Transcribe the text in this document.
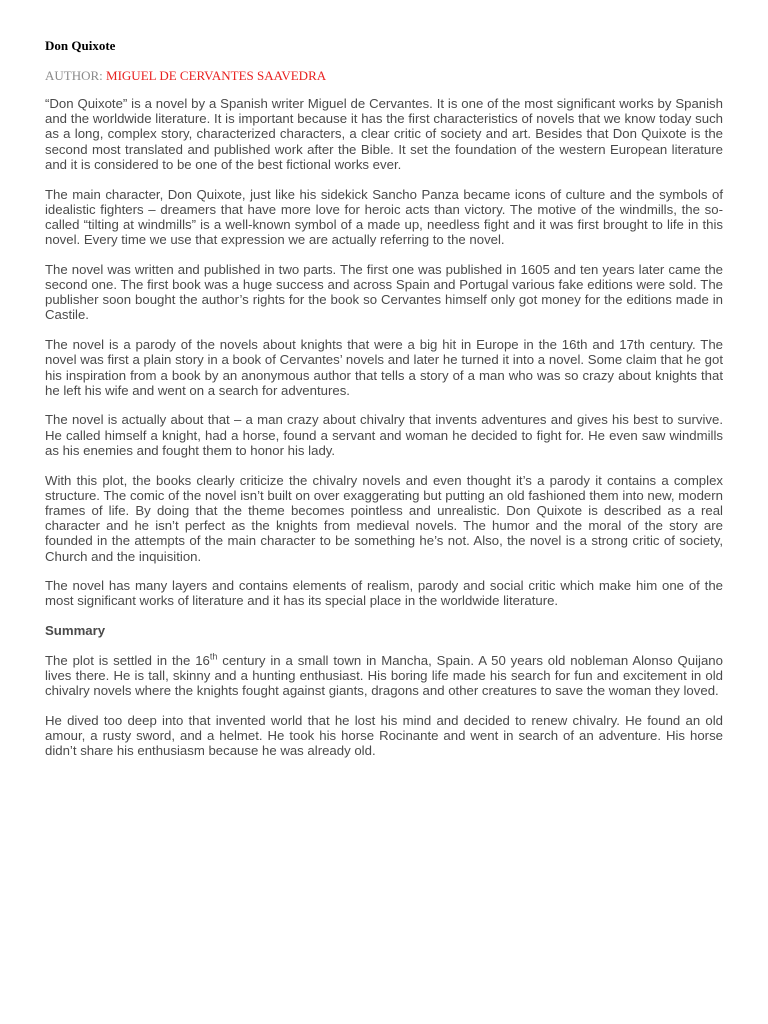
Don Quixote
AUTHOR: MIGUEL DE CERVANTES SAAVEDRA

“Don Quixote” is a novel by a Spanish writer Miguel de Cervantes. It is one of the most significant works by Spanish and the worldwide literature. It is important because it has the first characteristics of novels that we know today such as a long, complex story, characterized characters, a clear critic of society and art. Besides that Don Quixote is the second most translated and published work after the Bible. It set the foundation of the western European literature and it is considered to be one of the best fictional works ever.

The main character, Don Quixote, just like his sidekick Sancho Panza became icons of culture and the symbols of idealistic fighters – dreamers that have more love for heroic acts than victory. The motive of the windmills, the so-called “tilting at windmills” is a well-known symbol of a made up, needless fight and it was first brought to life in this novel. Every time we use that expression we are actually referring to the novel.

The novel was written and published in two parts. The first one was published in 1605 and ten years later came the second one. The first book was a huge success and across Spain and Portugal various fake editions were sold. The publisher soon bought the author’s rights for the book so Cervantes himself only got money for the editions made in Castile.

The novel is a parody of the novels about knights that were a big hit in Europe in the 16th and 17th century. The novel was first a plain story in a book of Cervantes’ novels and later he turned it into a novel. Some claim that he got his inspiration from a book by an anonymous author that tells a story of a man who was so crazy about knights that he left his wife and went on a search for adventures.

The novel is actually about that – a man crazy about chivalry that invents adventures and gives his best to survive. He called himself a knight, had a horse, found a servant and woman he decided to fight for. He even saw windmills as his enemies and fought them to honor his lady.

With this plot, the books clearly criticize the chivalry novels and even thought it’s a parody it contains a complex structure. The comic of the novel isn’t built on over exaggerating but putting an old fashioned them into new, modern frames of life. By doing that the theme becomes pointless and unrealistic. Don Quixote is described as a real character and he isn’t perfect as the knights from medieval novels. The humor and the moral of the story are founded in the attempts of the main character to be something he’s not. Also, the novel is a strong critic of society, Church and the inquisition.

The novel has many layers and contains elements of realism, parody and social critic which make him one of the most significant works of literature and it has its special place in the worldwide literature.

Summary

The plot is settled in the 16th century in a small town in Mancha, Spain. A 50 years old nobleman Alonso Quijano lives there. He is tall, skinny and a hunting enthusiast. His boring life made his search for fun and excitement in old chivalry novels where the knights fought against giants, dragons and other creatures to save the woman they loved.

He dived too deep into that invented world that he lost his mind and decided to renew chivalry. He found an old amour, a rusty sword, and a helmet. He took his horse Rocinante and went in search of an adventure. His horse didn’t share his enthusiasm because he was already old.
